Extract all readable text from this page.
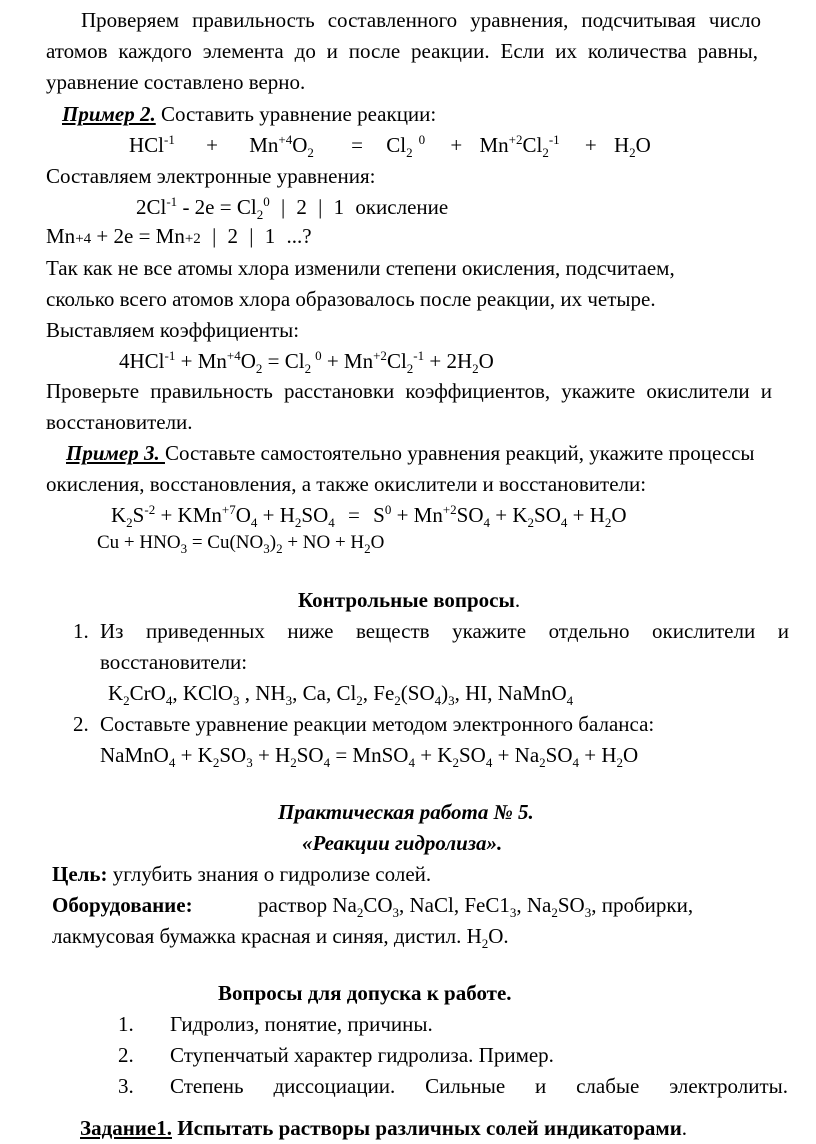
Проверяем правильность составленного уравнения, подсчитывая число
атомов каждого элемента до и после реакции. Если их количества равны,
уравнение составлено верно.
Пример 2. Составить уравнение реакции:
$HCl^{-1} + Mn^{+4}O_2 = Cl_2^0 + Mn^{+2}Cl_2^{-1} + H_2O$
Составляем электронные уравнения:
$2Cl^{-1} - 2e = Cl_2^0$ | 2 | 1 окисление
Mn+4 + 2e = Mn+2 | 2 | 1 ...?
Так как не все атомы хлора изменили степени окисления, подсчитаем,
сколько всего атомов хлора образовалось после реакции, их четыре.
Выставляем коэффициенты:
$4HCl^{-1} + Mn^{+4}O_2 = Cl_2^0 + Mn^{+2}Cl_2^{-1} + 2H_2O$
Проверьте правильность расстановки коэффициентов, укажите окислители и
восстановители.
Пример 3. Составьте самостоятельно уравнения реакций, укажите процессы
окисления, восстановления, а также окислители и восстановители:
$K_2S^{-2} + KMn^{+7}O_4 + H_2SO_4 = S^0 + Mn^{+2}SO_4 + K_2SO_4 + H_2O$
$Cu + HNO_3 = Cu(NO_3)_2$ + NO + $H_2O$
Контрольные вопросы.
1. Из приведенных ниже веществ укажите отдельно окислители и
восстановители:
$K_2CrO_4$, KClO$_3$ , $NH_3$, Ca, $Cl_2$, $Fe_2(SO_4)_3$, HI, NaMnO$_4$
2. Составьте уравнение реакции методом электронного баланса:
NaMnO$_4$ + $K_2SO_3 + H_2SO_4$ = MnSO$_4$ + $K_2SO_4 + Na_2SO_4 + H_2O$
Практическая работа № 5.
«Реакции гидролиза».
Цель: углубить знания о гидролизе солей.
Оборудование:	раствор $Na_2CO_3$, NaCl, $FeC1_3$, $Na_2SO_3$, пробирки,
лакмусовая бумажка красная и синяя, дистил. $H_2O$.
Вопросы для допуска к работе.
1. Гидролиз, понятие, причины.
2. Ступенчатый характер гидролиза. Пример.
3. Степень диссоциации. Сильные и слабые электролиты.
Задание1. Испытать растворы различных солей индикаторами.
